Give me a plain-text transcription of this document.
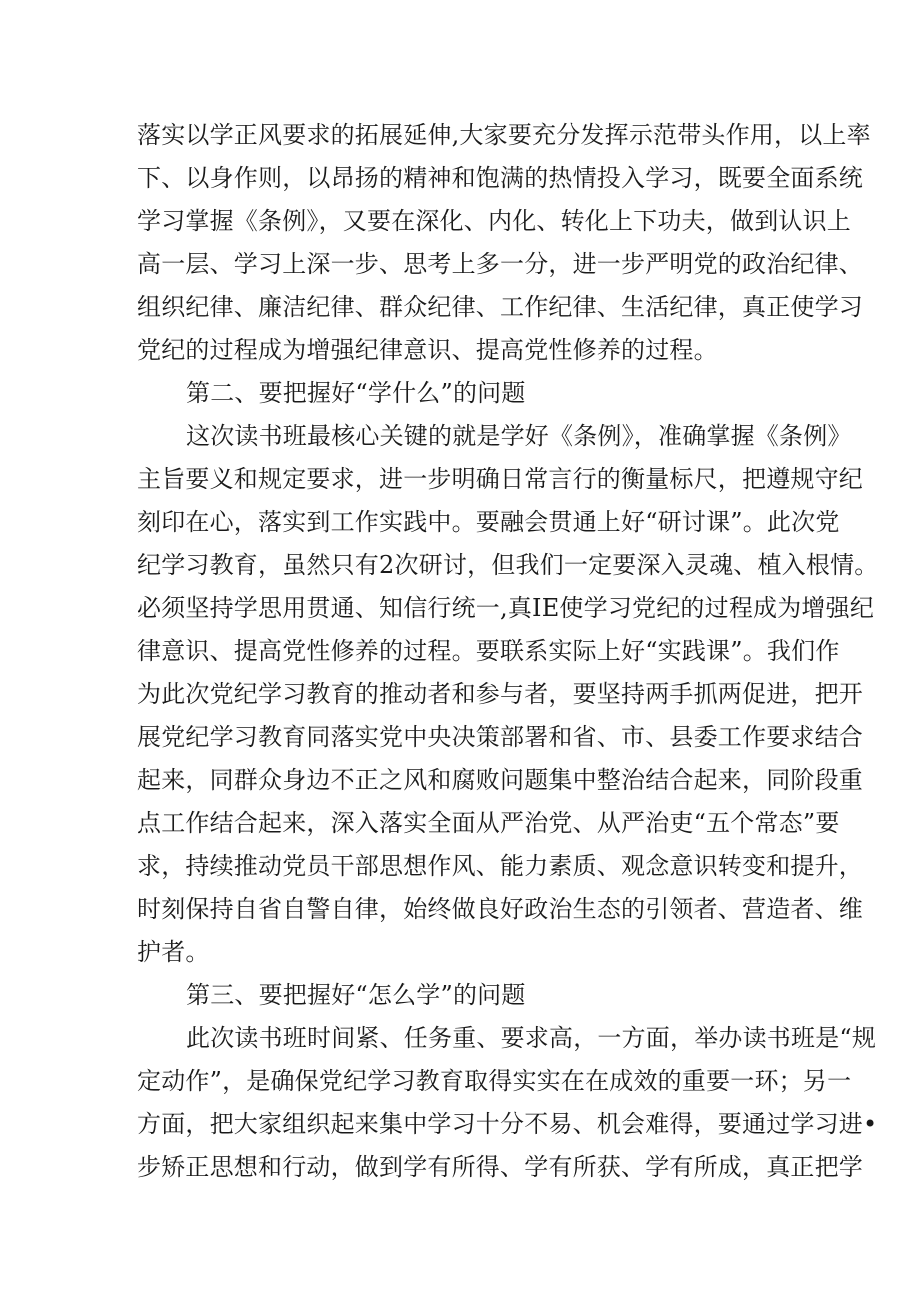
落实以学正风要求的拓展延伸,大家要充分发挥示范带头作用，以上率
下、以身作则，以昂扬的精神和饱满的热情投入学习，既要全面系统
学习掌握《条例》，又要在深化、内化、转化上下功夫，做到认识上
高一层、学习上深一步、思考上多一分，进一步严明党的政治纪律、
组织纪律、廉洁纪律、群众纪律、工作纪律、生活纪律，真正使学习
党纪的过程成为增强纪律意识、提高党性修养的过程。
第二、要把握好“学什么”的问题
这次读书班最核心关键的就是学好《条例》，准确掌握《条例》
主旨要义和规定要求，进一步明确日常言行的衡量标尺，把遵规守纪
刻印在心，落实到工作实践中。要融会贯通上好“研讨课”。此次党
纪学习教育，虽然只有2次研讨，但我们一定要深入灵魂、植入根情。
必须坚持学思用贯通、知信行统一,真IE使学习党纪的过程成为增强纪
律意识、提高党性修养的过程。要联系实际上好“实践课”。我们作
为此次党纪学习教育的推动者和参与者，要坚持两手抓两促进，把开
展党纪学习教育同落实党中央决策部署和省、市、县委工作要求结合
起来，同群众身边不正之风和腐败问题集中整治结合起来，同阶段重
点工作结合起来，深入落实全面从严治党、从严治吏“五个常态”要
求，持续推动党员干部思想作风、能力素质、观念意识转变和提升，
时刻保持自省自警自律，始终做良好政治生态的引领者、营造者、维
护者。
第三、要把握好“怎么学”的问题
此次读书班时间紧、任务重、要求高，一方面，举办读书班是“规
定动作”，是确保党纪学习教育取得实实在在成效的重要一环；另一
方面，把大家组织起来集中学习十分不易、机会难得，要通过学习进•
步矫正思想和行动，做到学有所得、学有所获、学有所成，真正把学
